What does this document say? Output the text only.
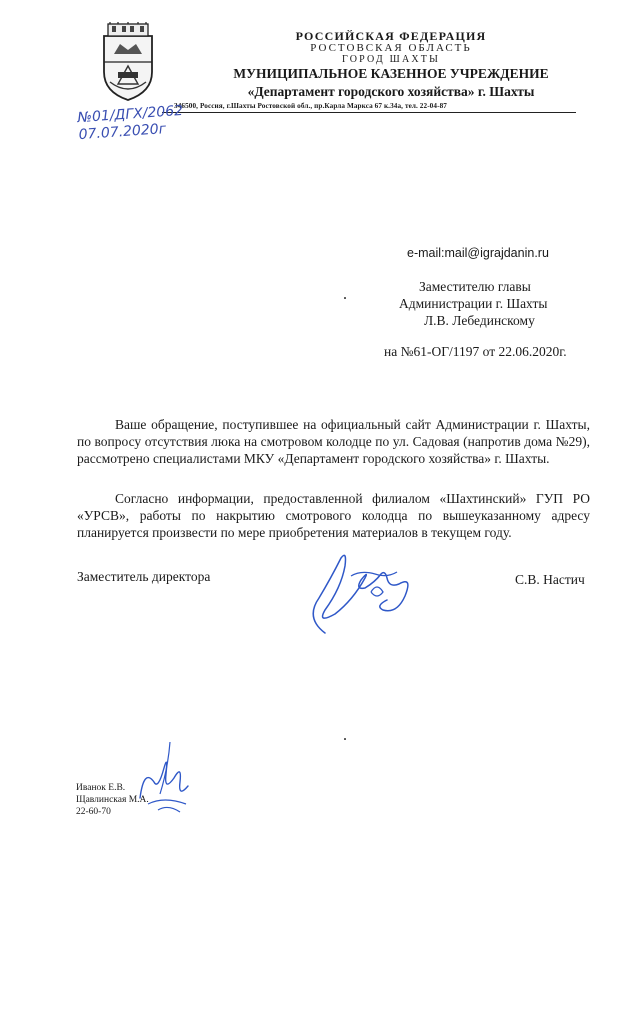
РОССИЙСКАЯ ФЕДЕРАЦИЯ
РОСТОВСКАЯ ОБЛАСТЬ
ГОРОД ШАХТЫ
МУНИЦИПАЛЬНОЕ КАЗЕННОЕ УЧРЕЖДЕНИЕ
«Департамент городского хозяйства» г. Шахты
346500, Россия, г.Шахты Ростовской обл., пр.Карла Маркса 67 к.34а, тел. 22-04-87
№01/ДГХ/2062
07.07.2020г
e-mail:mail@igrajdanin.ru
Заместителю главы
Администрации г. Шахты
Л.В. Лебединскому
на №61-ОГ/1197 от 22.06.2020г.
Ваше обращение, поступившее на официальный сайт Администрации г. Шахты, по вопросу отсутствия люка на смотровом колодце по ул. Садовая (напротив дома №29), рассмотрено специалистами МКУ «Департамент городского хозяйства» г. Шахты.
Согласно информации, предоставленной филиалом «Шахтинский» ГУП РО «УРСВ», работы по накрытию смотрового колодца по вышеуказанному адресу планируется произвести по мере приобретения материалов в текущем году.
Заместитель директора	С.В. Настич
Иванок Е.В.
Щавлинская М.А.
22-60-70
